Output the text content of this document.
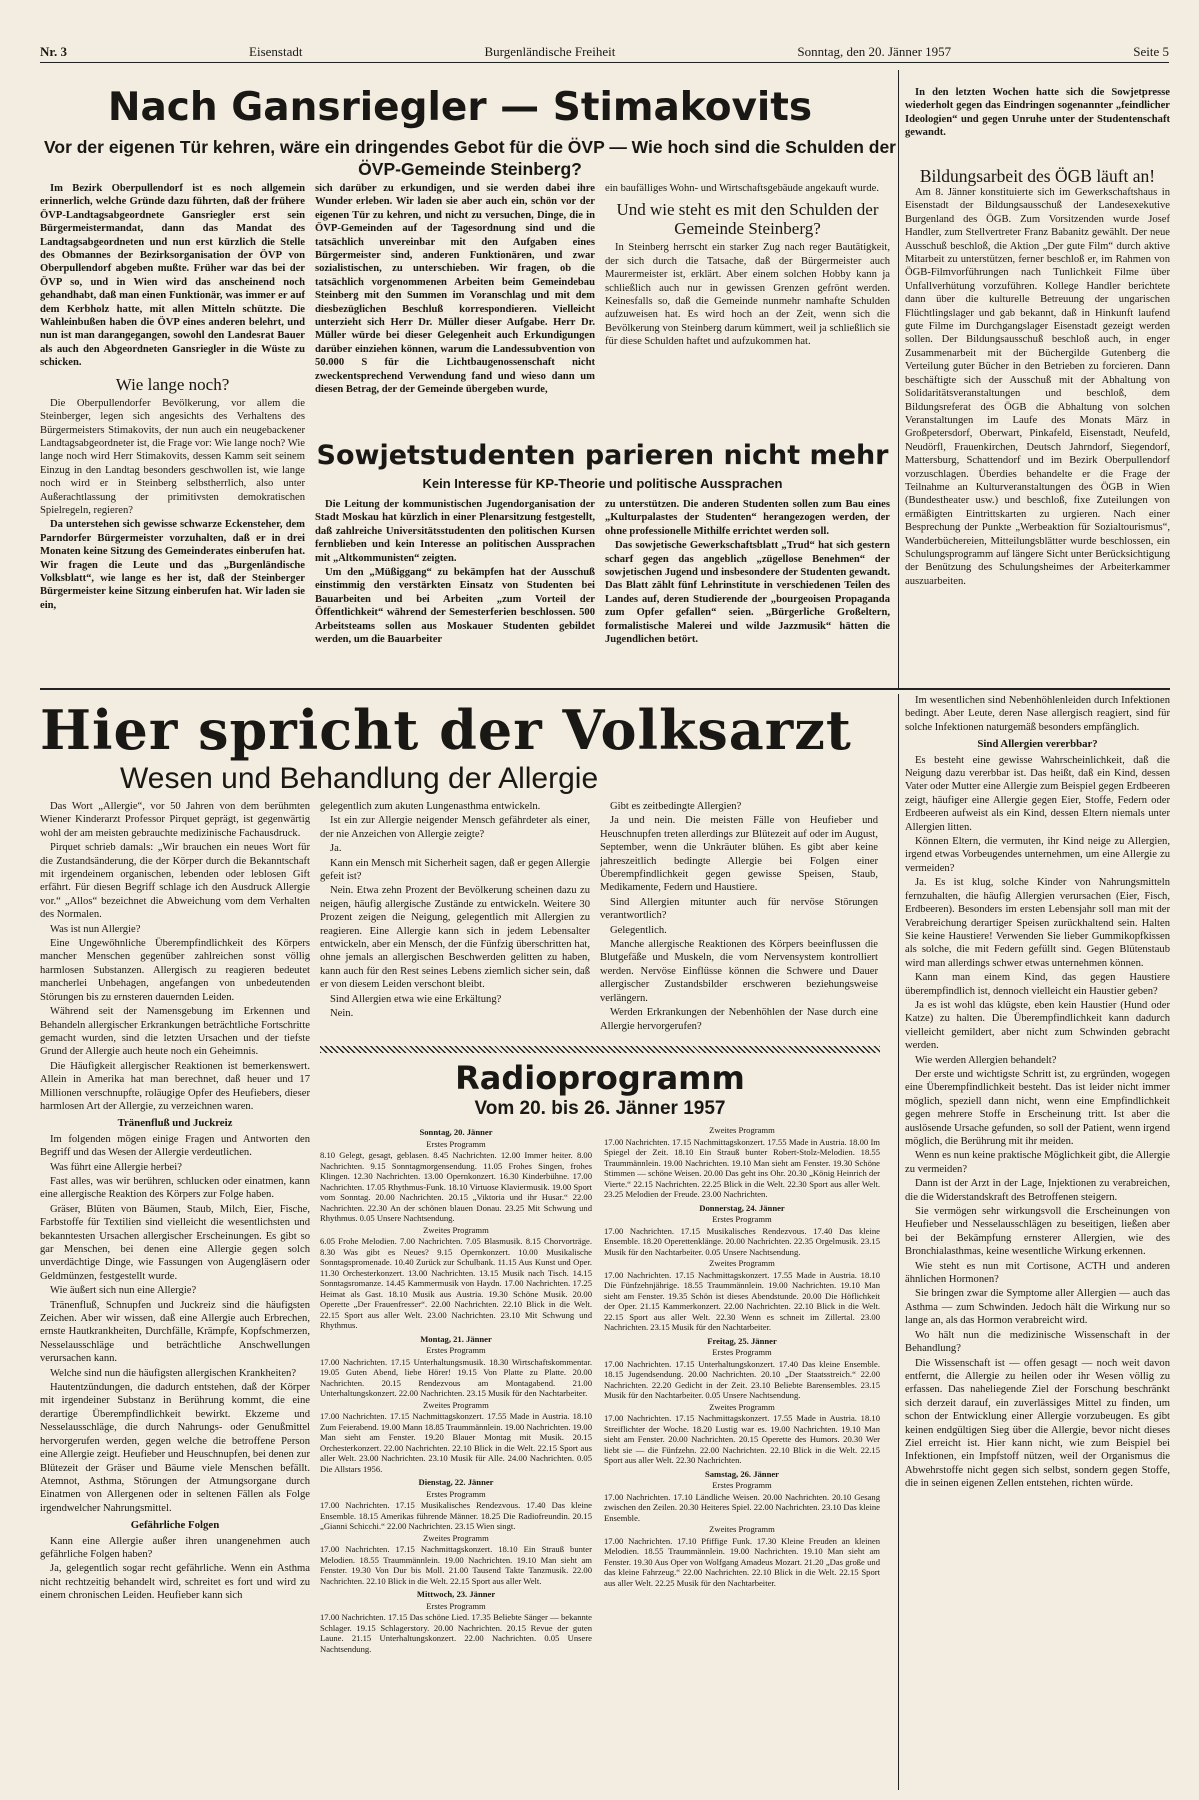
Nr. 3	Eisenstadt	Burgenländische Freiheit	Sonntag, den 20. Jänner 1957	Seite 5
Nach Gansriegler — Stimakovits
Vor der eigenen Tür kehren, wäre ein dringendes Gebot für die ÖVP — Wie hoch sind die Schulden der ÖVP-Gemeinde Steinberg?

Im Bezirk Oberpullendorf ist es noch allgemein erinnerlich, welche Gründe dazu führten, daß der frühere ÖVP-Landtagsabgeordnete Gansriegler erst sein Bürgermeistermandat, dann das Mandat des Landtagsabgeordneten und nun erst kürzlich die Stelle des Obmannes der Bezirksorganisation der ÖVP von Oberpullendorf abgeben mußte. Früher war das bei der ÖVP so, und in Wien wird das anscheinend noch gehandhabt, daß man einen Funktionär, was immer er auf dem Kerbholz hatte, mit allen Mitteln schützte. Die Wahleinbußen haben die ÖVP eines anderen belehrt, und nun ist man darangegangen, sowohl den Landesrat Bauer als auch den Abgeordneten Gansriegler in die Wüste zu schicken.

Wie lange noch?

Die Oberpullendorfer Bevölkerung, vor allem die Steinberger, legen sich angesichts des Verhaltens des Bürgermeisters Stimakovits, der nun auch ein neugebackener Landtagsabgeordneter ist, die Frage vor: Wie lange noch? Wie lange noch wird Herr Stimakovits, dessen Kamm seit seinem Einzug in den Landtag besonders geschwollen ist, wie lange noch wird er in Steinberg selbstherrlich, also unter Außerachtlassung der primitivsten demokratischen Spielregeln, regieren?

Da unterstehen sich gewisse schwarze Eckensteher, dem Parndorfer Bürgermeister vorzuhalten, daß er in drei Monaten keine Sitzung des Gemeinderates einberufen hat. Wir fragen die Leute und das „Burgenländische Volksblatt“, wie lange es her ist, daß der Steinberger Bürgermeister keine Sitzung einberufen hat. Wir laden sie ein,

sich darüber zu erkundigen, und sie werden dabei ihre Wunder erleben. Wir laden sie aber auch ein, schön vor der eigenen Tür zu kehren, und nicht zu versuchen, Dinge, die in ÖVP-Gemeinden auf der Tagesordnung sind und die tatsächlich unvereinbar mit den Aufgaben eines Bürgermeister sind, anderen Funktionären, und zwar sozialistischen, zu unterschieben. Wir fragen, ob die tatsächlich vorgenommenen Arbeiten beim Gemeindebau Steinberg mit den Summen im Voranschlag und mit dem diesbezüglichen Beschluß korrespondieren. Vielleicht unterzieht sich Herr Dr. Müller dieser Aufgabe. Herr Dr. Müller würde bei dieser Gelegenheit auch Erkundigungen darüber einziehen können, warum die Landessubvention von 50.000 S für die Lichtbaugenossenschaft nicht zweckentsprechend Verwendung fand und wieso dann um diesen Betrag, der der Gemeinde übergeben wurde,

ein baufälliges Wohn- und Wirtschaftsgebäude angekauft wurde.

Und wie steht es mit den Schulden der Gemeinde Steinberg?

In Steinberg herrscht ein starker Zug nach reger Bautätigkeit, der sich durch die Tatsache, daß der Bürgermeister auch Maurermeister ist, erklärt. Aber einem solchen Hobby kann ja schließlich auch nur in gewissen Grenzen gefrönt werden. Keinesfalls so, daß die Gemeinde nunmehr namhafte Schulden aufzuweisen hat. Es wird hoch an der Zeit, wenn sich die Bevölkerung von Steinberg darum kümmert, weil ja schließlich sie für diese Schulden haftet und aufzukommen hat.

Sowjetstudenten parieren nicht mehr
Kein Interesse für KP-Theorie und politische Aussprachen

Die Leitung der kommunistischen Jugendorganisation der Stadt Moskau hat kürzlich in einer Plenarsitzung festgestellt, daß zahlreiche Universitätsstudenten den politischen Kursen fernblieben und kein Interesse an politischen Aussprachen mit „Altkommunisten“ zeigten.

Um den „Müßiggang“ zu bekämpfen hat der Ausschuß einstimmig den verstärkten Einsatz von Studenten bei Bauarbeiten und bei Arbeiten „zum Vorteil der Öffentlichkeit“ während der Semesterferien beschlossen. 500 Arbeitsteams sollen aus Moskauer Studenten gebildet werden, um die Bauarbeiter

zu unterstützen. Die anderen Studenten sollen zum Bau eines „Kulturpalastes der Studenten“ herangezogen werden, der ohne professionelle Mithilfe errichtet werden soll.

Das sowjetische Gewerkschaftsblatt „Trud“ hat sich gestern scharf gegen das angeblich „zügellose Benehmen“ der sowjetischen Jugend und insbesondere der Studenten gewandt. Das Blatt zählt fünf Lehrinstitute in verschiedenen Teilen des Landes auf, deren Studierende der „bourgeoisen Propaganda zum Opfer gefallen“ seien. „Bürgerliche Großeltern, formalistische Malerei und wilde Jazzmusik“ hätten die Jugendlichen betört.

In den letzten Wochen hatte sich die Sowjetpresse wiederholt gegen das Eindringen sogenannter „feindlicher Ideologien“ und gegen Unruhe unter der Studentenschaft gewandt.

Bildungsarbeit des ÖGB läuft an!

Am 8. Jänner konstituierte sich im Gewerkschaftshaus in Eisenstadt der Bildungsausschuß der Landesexekutive Burgenland des ÖGB. Zum Vorsitzenden wurde Josef Handler, zum Stellvertreter Franz Babanitz gewählt. Der neue Ausschuß beschloß, die Aktion „Der gute Film“ durch aktive Mitarbeit zu unterstützen, ferner beschloß er, im Rahmen von ÖGB-Filmvorführungen nach Tunlichkeit Filme über Unfallverhütung vorzuführen. Kollege Handler berichtete dann über die kulturelle Betreuung der ungarischen Flüchtlingslager und gab bekannt, daß in Hinkunft laufend gute Filme im Durchgangslager Eisenstadt gezeigt werden sollen. Der Bildungsausschuß beschloß auch, in enger Zusammenarbeit mit der Büchergilde Gutenberg die Verteilung guter Bücher in den Betrieben zu forcieren. Dann beschäftigte sich der Ausschuß mit der Abhaltung von Solidaritätsveranstaltungen und beschloß, dem Bildungsreferat des ÖGB die Abhaltung von solchen Veranstaltungen im Laufe des Monats März in Großpetersdorf, Oberwart, Pinkafeld, Eisenstadt, Neufeld, Neudörfl, Frauenkirchen, Deutsch Jahrndorf, Siegendorf, Mattersburg, Schattendorf und im Bezirk Oberpullendorf vorzuschlagen. Überdies behandelte er die Frage der Teilnahme an Kulturveranstaltungen des ÖGB in Wien (Bundestheater usw.) und beschloß, fixe Zuteilungen von ermäßigten Eintrittskarten zu urgieren. Nach einer Besprechung der Punkte „Werbeaktion für Sozialtourismus“, Wanderbüchereien, Mitteilungsblätter wurde beschlossen, ein Schulungsprogramm auf längere Sicht unter Berücksichtigung der Benützung des Schulungsheimes der Arbeiterkammer auszuarbeiten.

Hier spricht der Volksarzt
Wesen und Behandlung der Allergie

Das Wort „Allergie“, vor 50 Jahren von dem berühmten Wiener Kinderarzt Professor Pirquet geprägt, ist gegenwärtig wohl der am meisten gebrauchte medizinische Fachausdruck.

Pirquet schrieb damals: „Wir brauchen ein neues Wort für die Zustandsänderung, die der Körper durch die Bekanntschaft mit irgendeinem organischen, lebenden oder leblosen Gift erfährt. Für diesen Begriff schlage ich den Ausdruck Allergie vor.“ „Allos“ bezeichnet die Abweichung vom dem Verhalten des Normalen.

Was ist nun Allergie?

Eine Ungewöhnliche Überempfindlichkeit des Körpers mancher Menschen gegenüber zahlreichen sonst völlig harmlosen Substanzen. Allergisch zu reagieren bedeutet mancherlei Unbehagen, angefangen von unbedeutenden Störungen bis zu ernsteren dauernden Leiden.

Während seit der Namensgebung im Erkennen und Behandeln allergischer Erkrankungen beträchtliche Fortschritte gemacht wurden, sind die letzten Ursachen und der tiefste Grund der Allergie auch heute noch ein Geheimnis.

Die Häufigkeit allergischer Reaktionen ist bemerkenswert. Allein in Amerika hat man berechnet, daß heuer und 17 Millionen verschnupfte, roläugige Opfer des Heufiebers, dieser harmlosen Art der Allergie, zu verzeichnen waren.

Tränenfluß und Juckreiz

Im folgenden mögen einige Fragen und Antworten den Begriff und das Wesen der Allergie verdeutlichen.

Was führt eine Allergie herbei?

Fast alles, was wir berühren, schlucken oder einatmen, kann eine allergische Reaktion des Körpers zur Folge haben.

Gräser, Blüten von Bäumen, Staub, Milch, Eier, Fische, Farbstoffe für Textilien sind vielleicht die wesentlichsten und bekanntesten Ursachen allergischer Erscheinungen. Es gibt so gar Menschen, bei denen eine Allergie gegen solch unverdächtige Dinge, wie Fassungen von Augengläsern oder Geldmünzen, festgestellt wurde.

Wie äußert sich nun eine Allergie?

Tränenfluß, Schnupfen und Juckreiz sind die häufigsten Zeichen. Aber wir wissen, daß eine Allergie auch Erbrechen, ernste Hautkrankheiten, Durchfälle, Krämpfe, Kopfschmerzen, Nesselausschläge und beträchtliche Anschwellungen verursachen kann.

Welche sind nun die häufigsten allergischen Krankheiten?

Hautentzündungen, die dadurch entstehen, daß der Körper mit irgendeiner Substanz in Berührung kommt, die eine derartige Überempfindlichkeit bewirkt. Ekzeme und Nesselausschläge, die durch Nahrungs- oder Genußmittel hervorgerufen werden, gegen welche die betroffene Person eine Allergie zeigt. Heufieber und Heuschnupfen, bei denen zur Blütezeit der Gräser und Bäume viele Menschen befällt. Atemnot, Asthma, Störungen der Atmungsorgane durch Einatmen von Allergenen oder in seltenen Fällen als Folge irgendwelcher Nahrungsmittel.

Gefährliche Folgen

Kann eine Allergie außer ihren unangenehmen auch gefährliche Folgen haben?

Ja, gelegentlich sogar recht gefährliche. Wenn ein Asthma nicht rechtzeitig behandelt wird, schreitet es fort und wird zu einem chronischen Leiden. Heufieber kann sich

gelegentlich zum akuten Lungenasthma entwickeln.

Ist ein zur Allergie neigender Mensch gefährdeter als einer, der nie Anzeichen von Allergie zeigte?

Ja.

Kann ein Mensch mit Sicherheit sagen, daß er gegen Allergie gefeit ist?

Nein. Etwa zehn Prozent der Bevölkerung scheinen dazu zu neigen, häufig allergische Zustände zu entwickeln. Weitere 30 Prozent zeigen die Neigung, gelegentlich mit Allergien zu reagieren. Eine Allergie kann sich in jedem Lebensalter entwickeln, aber ein Mensch, der die Fünfzig überschritten hat, ohne jemals an allergischen Beschwerden gelitten zu haben, kann auch für den Rest seines Lebens ziemlich sicher sein, daß er von diesem Leiden verschont bleibt.

Sind Allergien etwa wie eine Erkältung?

Nein.

Gibt es zeitbedingte Allergien?

Ja und nein. Die meisten Fälle von Heufieber und Heuschnupfen treten allerdings zur Blütezeit auf oder im August, September, wenn die Unkräuter blühen. Es gibt aber keine jahreszeitlich bedingte Allergie bei Folgen einer Überempfindlichkeit gegen gewisse Speisen, Staub, Medikamente, Federn und Haustiere.

Sind Allergien mitunter auch für nervöse Störungen verantwortlich?

Gelegentlich.

Manche allergische Reaktionen des Körpers beeinflussen die Blutgefäße und Muskeln, die vom Nervensystem kontrolliert werden. Nervöse Einflüsse können die Schwere und Dauer allergischer Zustandsbilder erschweren beziehungsweise verlängern.

Werden Erkrankungen der Nebenhöhlen der Nase durch eine Allergie hervorgerufen?

Im wesentlichen sind Nebenhöhlenleiden durch Infektionen bedingt. Aber Leute, deren Nase allergisch reagiert, sind für solche Infektionen naturgemäß besonders empfänglich.

Sind Allergien vererbbar?

Es besteht eine gewisse Wahrscheinlichkeit, daß die Neigung dazu vererbbar ist. Das heißt, daß ein Kind, dessen Vater oder Mutter eine Allergie zum Beispiel gegen Erdbeeren zeigt, häufiger eine Allergie gegen Eier, Stoffe, Federn oder Erdbeeren aufweist als ein Kind, dessen Eltern niemals unter Allergien litten.

Können Eltern, die vermuten, ihr Kind neige zu Allergien, irgend etwas Vorbeugendes unternehmen, um eine Allergie zu vermeiden?

Ja. Es ist klug, solche Kinder von Nahrungsmitteln fernzuhalten, die häufig Allergien verursachen (Eier, Fisch, Erdbeeren). Besonders im ersten Lebensjahr soll man mit der Verabreichung derartiger Speisen zurückhaltend sein. Halten Sie keine Haustiere! Verwenden Sie lieber Gummikopfkissen als solche, die mit Federn gefüllt sind. Gegen Blütenstaub wird man allerdings schwer etwas unternehmen können.

Kann man einem Kind, das gegen Haustiere überempfindlich ist, dennoch vielleicht ein Haustier geben?

Ja es ist wohl das klügste, eben kein Haustier (Hund oder Katze) zu halten. Die Überempfindlichkeit kann dadurch vielleicht gemildert, aber nicht zum Schwinden gebracht werden.

Wie werden Allergien behandelt?

Der erste und wichtigste Schritt ist, zu ergründen, wogegen eine Überempfindlichkeit besteht. Das ist leider nicht immer möglich, speziell dann nicht, wenn eine Empfindlichkeit gegen mehrere Stoffe in Erscheinung tritt. Ist aber die auslösende Ursache gefunden, so soll der Patient, wenn irgend möglich, die Berührung mit ihr meiden.

Wenn es nun keine praktische Möglichkeit gibt, die Allergie zu vermeiden?

Dann ist der Arzt in der Lage, Injektionen zu verabreichen, die die Widerstandskraft des Betroffenen steigern.

Sie vermögen sehr wirkungsvoll die Erscheinungen von Heufieber und Nesselausschlägen zu beseitigen, ließen aber bei der Bekämpfung ernsterer Allergien, wie des Bronchialasthmas, keine wesentliche Wirkung erkennen.

Wie steht es nun mit Cortisone, ACTH und anderen ähnlichen Hormonen?

Sie bringen zwar die Symptome aller Allergien — auch das Asthma — zum Schwinden. Jedoch hält die Wirkung nur so lange an, als das Hormon verabreicht wird.

Wo hält nun die medizinische Wissenschaft in der Behandlung?

Die Wissenschaft ist — offen gesagt — noch weit davon entfernt, die Allergie zu heilen oder ihr Wesen völlig zu erfassen. Das naheliegende Ziel der Forschung beschränkt sich derzeit darauf, ein zuverlässiges Mittel zu finden, um schon der Entwicklung einer Allergie vorzubeugen. Es gibt keinen endgültigen Sieg über die Allergie, bevor nicht dieses Ziel erreicht ist. Hier kann nicht, wie zum Beispiel bei Infektionen, ein Impfstoff nützen, weil der Organismus die Abwehrstoffe nicht gegen sich selbst, sondern gegen Stoffe, die in seinen eigenen Zellen entstehen, richten würde.

Radioprogramm
Vom 20. bis 26. Jänner 1957
Sonntag, 20. Jänner
Erstes Programm

8.10 Gelegt, gesagt, geblasen. 8.45 Nachrichten. 12.00 Immer heiter. 8.00 Nachrichten. 9.15 Sonntagmorgensendung. 11.05 Frohes Singen, frohes Klingen. 12.30 Nachrichten. 13.00 Opernkonzert. 16.30 Kinderbühne. 17.00 Nachrichten. 17.05 Rhythmus-Funk. 18.10 Virtuose Klaviermusik. 19.00 Sport vom Sonntag. 20.00 Nachrichten. 20.15 „Viktoria und ihr Husar.“ 22.00 Nachrichten. 22.30 An der schönen blauen Donau. 23.25 Mit Schwung und Rhythmus. 0.05 Unsere Nachtsendung.

Zweites Programm

6.05 Frohe Melodien. 7.00 Nachrichten. 7.05 Blasmusik. 8.15 Chorvorträge. 8.30 Was gibt es Neues? 9.15 Opernkonzert. 10.00 Musikalische Sonntagspromenade. 10.40 Zurück zur Schulbank. 11.15 Aus Kunst und Oper. 11.30 Orchesterkonzert. 13.00 Nachrichten. 13.15 Musik nach Tisch. 14.15 Sonntagsromanze. 14.45 Kammermusik von Haydn. 17.00 Nachrichten. 17.25 Heimat als Gast. 18.10 Musik aus Austria. 19.30 Schöne Musik. 20.00 Operette „Der Frauenfresser“. 22.00 Nachrichten. 22.10 Blick in die Welt. 22.15 Sport aus aller Welt. 23.00 Nachrichten. 23.10 Mit Schwung und Rhythmus.

Montag, 21. Jänner
Erstes Programm

17.00 Nachrichten. 17.15 Unterhaltungsmusik. 18.30 Wirtschaftskommentar. 19.05 Guten Abend, liebe Hörer! 19.15 Von Platte zu Platte. 20.00 Nachrichten. 20.15 Rendezvous am Montagabend. 21.00 Unterhaltungskonzert. 22.00 Nachrichten. 23.15 Musik für den Nachtarbeiter.

Zweites Programm

17.00 Nachrichten. 17.15 Nachmittagskonzert. 17.55 Made in Austria. 18.10 Zum Feierabend. 19.00 Mann 18.85 Traummännlein. 19.00 Nachrichten. 19.00 Man sieht am Fenster. 19.20 Blauer Montag mit Musik. 20.15 Orchesterkonzert. 22.00 Nachrichten. 22.10 Blick in die Welt. 22.15 Sport aus aller Welt. 23.00 Nachrichten. 23.10 Musik für Alle. 24.00 Nachrichten. 0.05 Die Allstars 1956.

Dienstag, 22. Jänner
Erstes Programm

17.00 Nachrichten. 17.15 Musikalisches Rendezvous. 17.40 Das kleine Ensemble. 18.15 Amerikas führende Männer. 18.25 Die Radiofreundin. 20.15 „Gianni Schicchi.“ 22.00 Nachrichten. 23.15 Wien singt.

Zweites Programm

17.00 Nachrichten. 17.15 Nachmittagskonzert. 18.10 Ein Strauß bunter Melodien. 18.55 Traummännlein. 19.00 Nachrichten. 19.10 Man sieht am Fenster. 19.30 Von Dur bis Moll. 21.00 Tausend Takte Tanzmusik. 22.00 Nachrichten. 22.10 Blick in die Welt. 22.15 Sport aus aller Welt.

Mittwoch, 23. Jänner
Erstes Programm

17.00 Nachrichten. 17.15 Das schöne Lied. 17.35 Beliebte Sänger — bekannte Schlager. 19.15 Schlagerstory. 20.00 Nachrichten. 20.15 Revue der guten Laune. 21.15 Unterhaltungskonzert. 22.00 Nachrichten. 0.05 Unsere Nachtsendung.

Zweites Programm

17.00 Nachrichten. 17.15 Nachmittagskonzert. 17.55 Made in Austria. 18.00 Im Spiegel der Zeit. 18.10 Ein Strauß bunter Robert-Stolz-Melodien. 18.55 Traummännlein. 19.00 Nachrichten. 19.10 Man sieht am Fenster. 19.30 Schöne Stimmen — schöne Weisen. 20.00 Das geht ins Ohr. 20.30 „König Heinrich der Vierte.“ 22.15 Nachrichten. 22.25 Blick in die Welt. 22.30 Sport aus aller Welt. 23.25 Melodien der Freude. 23.00 Nachrichten.

Donnerstag, 24. Jänner
Erstes Programm

17.00 Nachrichten. 17.15 Musikalisches Rendezvous. 17.40 Das kleine Ensemble. 18.20 Operettenklänge. 20.00 Nachrichten. 22.35 Orgelmusik. 23.15 Musik für den Nachtarbeiter. 0.05 Unsere Nachtsendung.

Zweites Programm

17.00 Nachrichten. 17.15 Nachmittagskonzert. 17.55 Made in Austria. 18.10 Die Fünfzehnjährige. 18.55 Traummännlein. 19.00 Nachrichten. 19.10 Man sieht am Fenster. 19.35 Schön ist dieses Abendstunde. 20.00 Die Höflichkeit der Oper. 21.15 Kammerkonzert. 22.00 Nachrichten. 22.10 Blick in die Welt. 22.15 Sport aus aller Welt. 22.30 Wenn es schneit im Zillertal. 23.00 Nachrichten. 23.15 Musik für den Nachtarbeiter.

Freitag, 25. Jänner
Erstes Programm

17.00 Nachrichten. 17.15 Unterhaltungskonzert. 17.40 Das kleine Ensemble. 18.15 Jugendsendung. 20.00 Nachrichten. 20.10 „Der Staatsstreich.“ 22.00 Nachrichten. 22.20 Gedicht in der Zeit. 23.10 Beliebte Barensembles. 23.15 Musik für den Nachtarbeiter. 0.05 Unsere Nachtsendung.

Zweites Programm

17.00 Nachrichten. 17.15 Nachmittagskonzert. 17.55 Made in Austria. 18.10 Streiflichter der Woche. 18.20 Lustig war es. 19.00 Nachrichten. 19.10 Man sieht am Fenster. 20.00 Nachrichten. 20.15 Operette des Humors. 20.30 Wer liebt sie — die Fünfzehn. 22.00 Nachrichten. 22.10 Blick in die Welt. 22.15 Sport aus aller Welt. 22.30 Nachrichten.

Samstag, 26. Jänner
Erstes Programm

17.00 Nachrichten. 17.10 Ländliche Weisen. 20.00 Nachrichten. 20.10 Gesang zwischen den Zeilen. 20.30 Heiteres Spiel. 22.00 Nachrichten. 23.10 Das kleine Ensemble.

Zweites Programm

17.00 Nachrichten. 17.10 Pfiffige Funk. 17.30 Kleine Freuden an kleinen Melodien. 18.55 Traummännlein. 19.00 Nachrichten. 19.10 Man sieht am Fenster. 19.30 Aus Oper von Wolfgang Amadeus Mozart. 21.20 „Das große und das kleine Fahrzeug.“ 22.00 Nachrichten. 22.10 Blick in die Welt. 22.15 Sport aus aller Welt. 22.25 Musik für den Nachtarbeiter.
